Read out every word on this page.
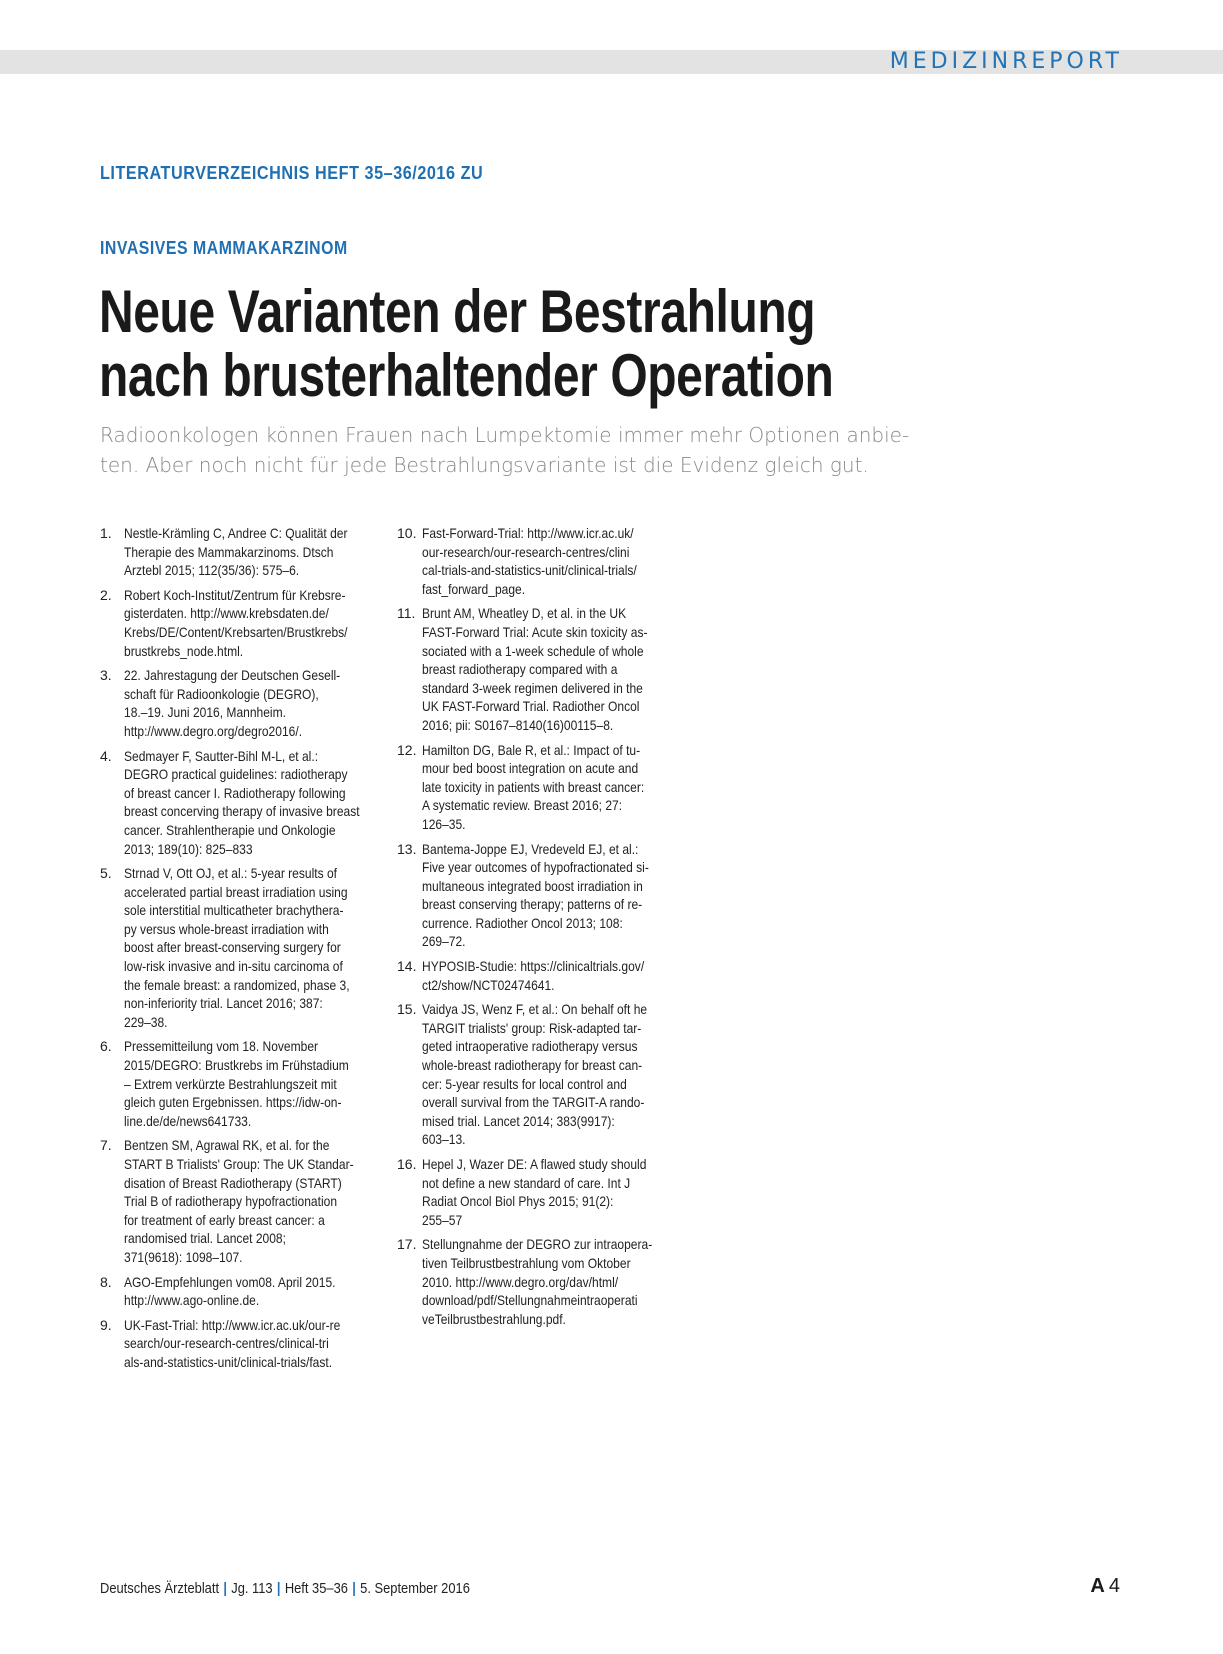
MEDIZINREPORT
LITERATURVERZEICHNIS HEFT 35–36/2016 ZU
INVASIVES MAMMAKARZINOM
Neue Varianten der Bestrahlung
nach brusterhaltender Operation
Radioonkologen können Frauen nach Lumpektomie immer mehr Optionen anbie-
ten. Aber noch nicht für jede Bestrahlungsvariante ist die Evidenz gleich gut.
1. Nestle-Krämling C, Andree C: Qualität der
Therapie des Mammakarzinoms. Dtsch
Arztebl 2015; 112(35/36): 575–6.
2. Robert Koch-Institut/Zentrum für Krebsre-
gisterdaten. http://www.krebsdaten.de/
Krebs/DE/Content/Krebsarten/Brustkrebs/
brustkrebs_node.html.
3. 22. Jahrestagung der Deutschen Gesell-
schaft für Radioonkologie (DEGRO),
18.–19. Juni 2016, Mannheim.
http://www.degro.org/degro2016/.
4. Sedmayer F, Sautter-Bihl M-L, et al.:
DEGRO practical guidelines: radiotherapy
of breast cancer I. Radiotherapy following
breast concerving therapy of invasive breast
cancer. Strahlentherapie und Onkologie
2013; 189(10): 825–833
5. Strnad V, Ott OJ, et al.: 5-year results of
accelerated partial breast irradiation using
sole interstitial multicatheter brachythera-
py versus whole-breast irradiation with
boost after breast-conserving surgery for
low-risk invasive and in-situ carcinoma of
the female breast: a randomized, phase 3,
non-inferiority trial. Lancet 2016; 387:
229–38.
6. Pressemitteilung vom 18. November
2015/DEGRO: Brustkrebs im Frühstadium
– Extrem verkürzte Bestrahlungszeit mit
gleich guten Ergebnissen. https://idw-on-
line.de/de/news641733.
7. Bentzen SM, Agrawal RK, et al. for the
START B Trialists' Group: The UK Standar-
disation of Breast Radiotherapy (START)
Trial B of radiotherapy hypofractionation
for treatment of early breast cancer: a
randomised trial. Lancet 2008;
371(9618): 1098–107.
8. AGO-Empfehlungen vom08. April 2015.
http://www.ago-online.de.
9. UK-Fast-Trial: http://www.icr.ac.uk/our-re
search/our-research-centres/clinical-tri
als-and-statistics-unit/clinical-trials/fast.
10. Fast-Forward-Trial: http://www.icr.ac.uk/
our-research/our-research-centres/clini
cal-trials-and-statistics-unit/clinical-trials/
fast_forward_page.
11. Brunt AM, Wheatley D, et al. in the UK
FAST-Forward Trial: Acute skin toxicity as-
sociated with a 1-week schedule of whole
breast radiotherapy compared with a
standard 3-week regimen delivered in the
UK FAST-Forward Trial. Radiother Oncol
2016; pii: S0167–8140(16)00115–8.
12. Hamilton DG, Bale R, et al.: Impact of tu-
mour bed boost integration on acute and
late toxicity in patients with breast cancer:
A systematic review. Breast 2016; 27:
126–35.
13. Bantema-Joppe EJ, Vredeveld EJ, et al.:
Five year outcomes of hypofractionated si-
multaneous integrated boost irradiation in
breast conserving therapy; patterns of re-
currence. Radiother Oncol 2013; 108:
269–72.
14. HYPOSIB-Studie: https://clinicaltrials.gov/
ct2/show/NCT02474641.
15. Vaidya JS, Wenz F, et al.: On behalf oft he
TARGIT trialists' group: Risk-adapted tar-
geted intraoperative radiotherapy versus
whole-breast radiotherapy for breast can-
cer: 5-year results for local control and
overall survival from the TARGIT-A rando-
mised trial. Lancet 2014; 383(9917):
603–13.
16. Hepel J, Wazer DE: A flawed study should
not define a new standard of care. Int J
Radiat Oncol Biol Phys 2015; 91(2):
255–57
17. Stellungnahme der DEGRO zur intraopera-
tiven Teilbrustbestrahlung vom Oktober
2010. http://www.degro.org/dav/html/
download/pdf/Stellungnahmeintraoperati
veTeilbrustbestrahlung.pdf.
Deutsches Ärzteblatt | Jg. 113 | Heft 35–36 | 5. September 2016	A 4
